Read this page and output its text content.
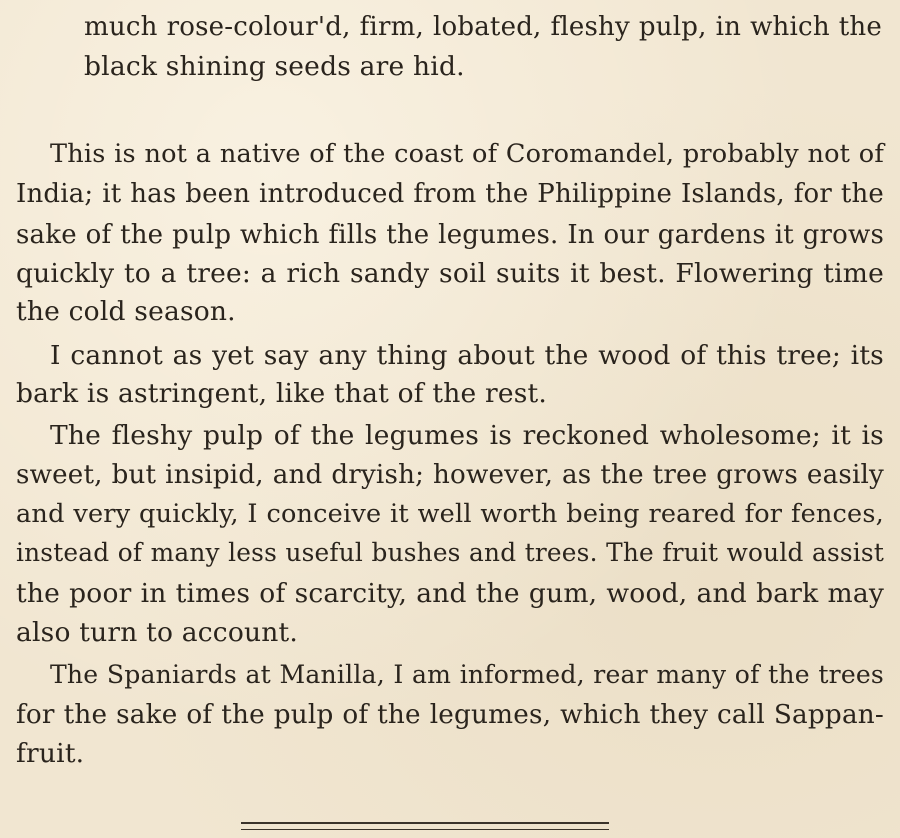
much rose-colour'd, firm, lobated, fleshy pulp, in which the
black shining seeds are hid.
This is not a native of the coast of Coromandel, probably not of
India; it has been introduced from the Philippine Islands, for the
sake of the pulp which fills the legumes. In our gardens it grows
quickly to a tree: a rich sandy soil suits it best. Flowering time
the cold season.
I cannot as yet say any thing about the wood of this tree; its
bark is astringent, like that of the rest.
The fleshy pulp of the legumes is reckoned wholesome; it is
sweet, but insipid, and dryish; however, as the tree grows easily
and very quickly, I conceive it well worth being reared for fences,
instead of many less useful bushes and trees. The fruit would assist
the poor in times of scarcity, and the gum, wood, and bark may
also turn to account.
The Spaniards at Manilla, I am informed, rear many of the trees
for the sake of the pulp of the legumes, which they call Sappan-
fruit.
